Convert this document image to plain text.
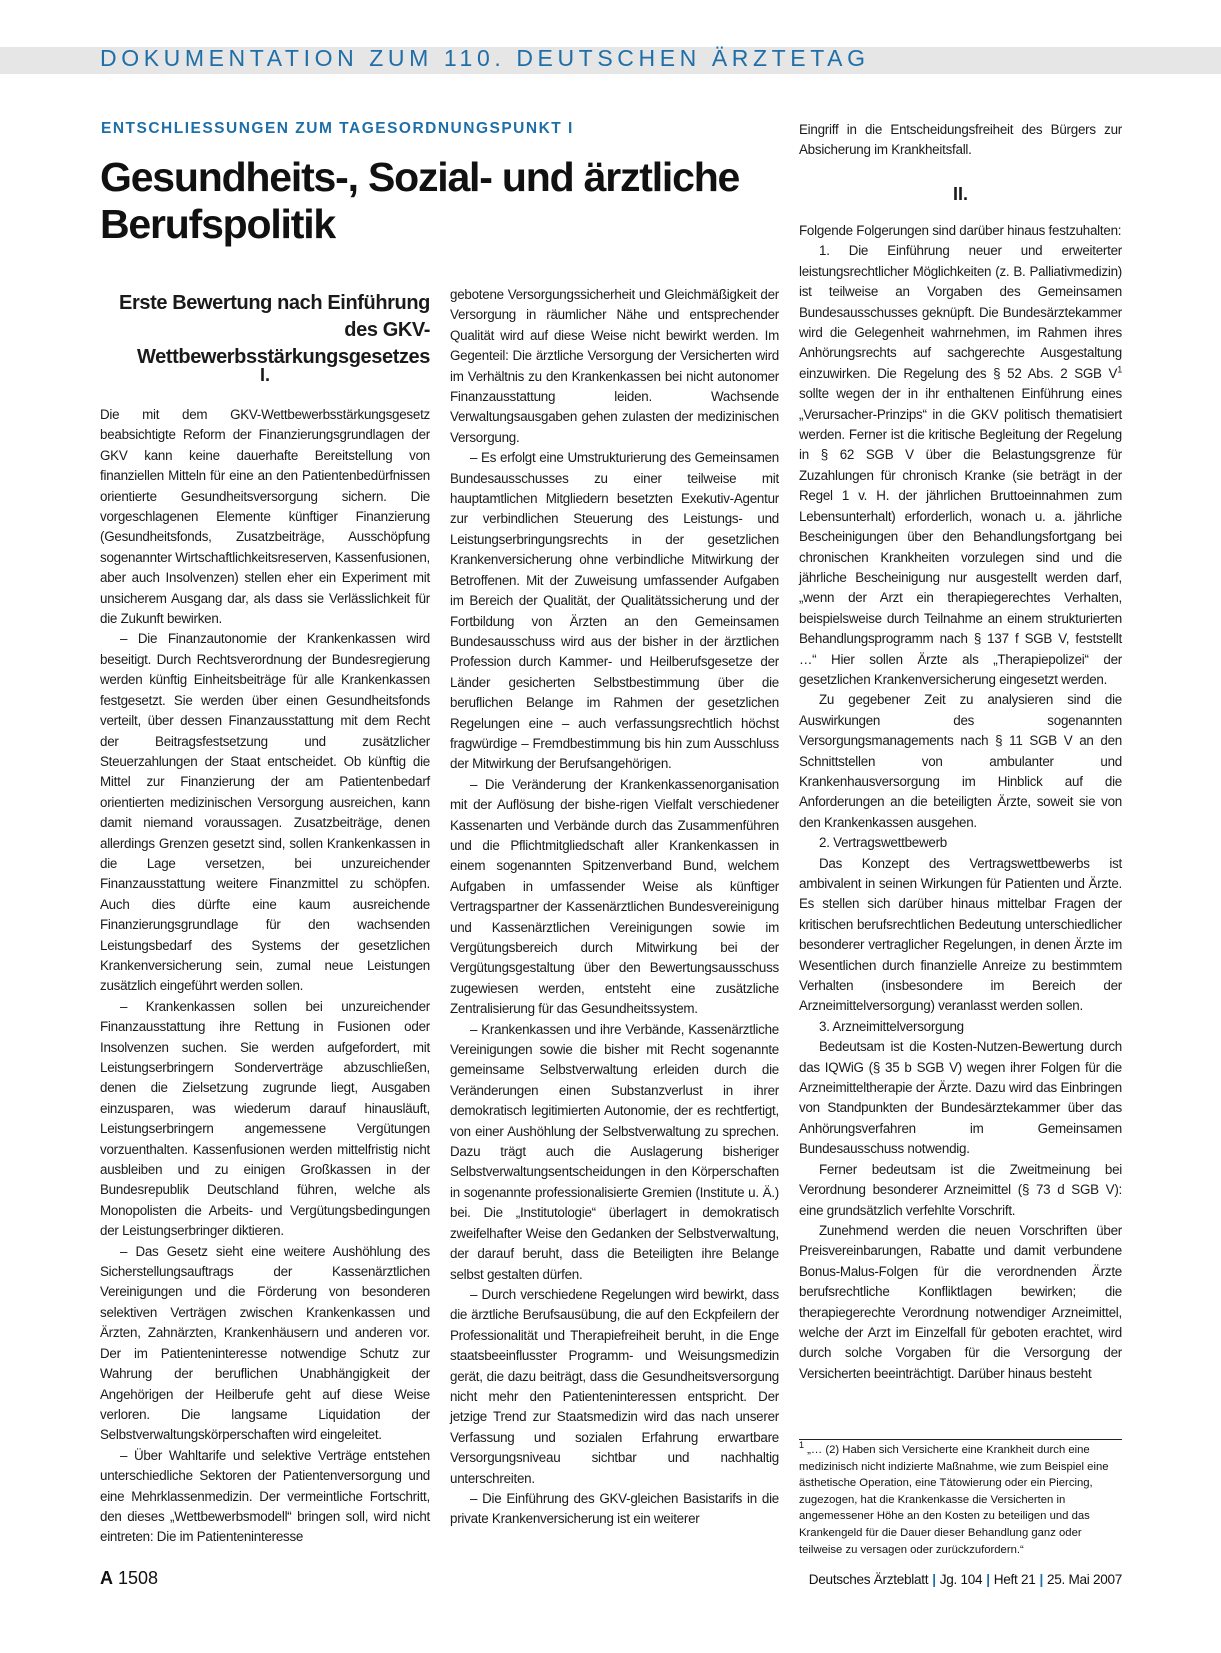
DOKUMENTATION ZUM 110. DEUTSCHEN ÄRZTETAG
ENTSCHLIESSUNGEN ZUM TAGESORDNUNGSPUNKT I
Gesundheits-, Sozial- und ärztliche Berufspolitik
Erste Bewertung nach Einführung des GKV-Wettbewerbsstärkungsgesetzes
I.

Die mit dem GKV-Wettbewerbsstärkungsgesetz beabsichtigte Reform der Finanzierungsgrundlagen der GKV kann keine dauerhafte Bereitstellung von finanziellen Mitteln für eine an den Patientenbedürfnissen orientierte Gesundheitsversorgung sichern. Die vorgeschlagenen Elemente künftiger Finanzierung (Gesundheitsfonds, Zusatzbeiträge, Ausschöpfung sogenannter Wirtschaftlichkeitsreserven, Kassenfusionen, aber auch Insolvenzen) stellen eher ein Experiment mit unsicherem Ausgang dar, als dass sie Verlässlichkeit für die Zukunft bewirken.

– Die Finanzautonomie der Krankenkassen wird beseitigt. Durch Rechtsverordnung der Bundesregierung werden künftig Einheitsbeiträge für alle Krankenkassen festgesetzt. Sie werden über einen Gesundheitsfonds verteilt, über dessen Finanzausstattung mit dem Recht der Beitragsfestsetzung und zusätzlicher Steuerzahlungen der Staat entscheidet. Ob künftig die Mittel zur Finanzierung der am Patientenbedarf orientierten medizinischen Versorgung ausreichen, kann damit niemand voraussagen. Zusatzbeiträge, denen allerdings Grenzen gesetzt sind, sollen Krankenkassen in die Lage versetzen, bei unzureichender Finanzausstattung weitere Finanzmittel zu schöpfen. Auch dies dürfte eine kaum ausreichende Finanzierungsgrundlage für den wachsenden Leistungsbedarf des Systems der gesetzlichen Krankenversicherung sein, zumal neue Leistungen zusätzlich eingeführt werden sollen.

– Krankenkassen sollen bei unzureichender Finanzausstattung ihre Rettung in Fusionen oder Insolvenzen suchen. Sie werden aufgefordert, mit Leistungserbringern Sonderverträge abzuschließen, denen die Zielsetzung zugrunde liegt, Ausgaben einzusparen, was wiederum darauf hinausläuft, Leistungserbringern angemessene Vergütungen vorzuenthalten. Kassenfusionen werden mittelfristig nicht ausbleiben und zu einigen Großkassen in der Bundesrepublik Deutschland führen, welche als Monopolisten die Arbeits- und Vergütungsbedingungen der Leistungserbringer diktieren.

– Das Gesetz sieht eine weitere Aushöhlung des Sicherstellungsauftrags der Kassenärztlichen Vereinigungen und die Förderung von besonderen selektiven Verträgen zwischen Krankenkassen und Ärzten, Zahnärzten, Krankenhäusern und anderen vor. Der im Patienteninteresse notwendige Schutz zur Wahrung der beruflichen Unabhängigkeit der Angehörigen der Heilberufe geht auf diese Weise verloren. Die langsame Liquidation der Selbstverwaltungskörperschaften wird eingeleitet.

– Über Wahltarife und selektive Verträge entstehen unterschiedliche Sektoren der Patientenversorgung und eine Mehrklassenmedizin. Der vermeintliche Fortschritt, den dieses „Wettbewerbsmodell“ bringen soll, wird nicht eintreten: Die im Patienteninteresse

gebotene Versorgungssicherheit und Gleichmäßigkeit der Versorgung in räumlicher Nähe und entsprechender Qualität wird auf diese Weise nicht bewirkt werden. Im Gegenteil: Die ärztliche Versorgung der Versicherten wird im Verhältnis zu den Krankenkassen bei nicht autonomer Finanzausstattung leiden. Wachsende Verwaltungsausgaben gehen zulasten der medizinischen Versorgung.

– Es erfolgt eine Umstrukturierung des Gemeinsamen Bundesausschusses zu einer teilweise mit hauptamtlichen Mitgliedern besetzten Exekutiv-Agentur zur verbindlichen Steuerung des Leistungs- und Leistungserbringungsrechts in der gesetzlichen Krankenversicherung ohne verbindliche Mitwirkung der Betroffenen. Mit der Zuweisung umfassender Aufgaben im Bereich der Qualität, der Qualitätssicherung und der Fortbildung von Ärzten an den Gemeinsamen Bundesausschuss wird aus der bisher in der ärztlichen Profession durch Kammer- und Heilberufsgesetze der Länder gesicherten Selbstbestimmung über die beruflichen Belange im Rahmen der gesetzlichen Regelungen eine – auch verfassungsrechtlich höchst fragwürdige – Fremdbestimmung bis hin zum Ausschluss der Mitwirkung der Berufsangehörigen.

– Die Veränderung der Krankenkassenorganisation mit der Auflösung der bishe-rigen Vielfalt verschiedener Kassenarten und Verbände durch das Zusammenführen und die Pflichtmitgliedschaft aller Krankenkassen in einem sogenannten Spitzenverband Bund, welchem Aufgaben in umfassender Weise als künftiger Vertragspartner der Kassenärztlichen Bundesvereinigung und Kassenärztlichen Vereinigungen sowie im Vergütungsbereich durch Mitwirkung bei der Vergütungsgestaltung über den Bewertungsausschuss zugewiesen werden, entsteht eine zusätzliche Zentralisierung für das Gesundheitssystem.

– Krankenkassen und ihre Verbände, Kassenärztliche Vereinigungen sowie die bisher mit Recht sogenannte gemeinsame Selbstverwaltung erleiden durch die Veränderungen einen Substanzverlust in ihrer demokratisch legitimierten Autonomie, der es rechtfertigt, von einer Aushöhlung der Selbstverwaltung zu sprechen. Dazu trägt auch die Auslagerung bisheriger Selbstverwaltungsentscheidungen in den Körperschaften in sogenannte professionalisierte Gremien (Institute u. Ä.) bei. Die „Institutologie“ überlagert in demokratisch zweifelhafter Weise den Gedanken der Selbstverwaltung, der darauf beruht, dass die Beteiligten ihre Belange selbst gestalten dürfen.

– Durch verschiedene Regelungen wird bewirkt, dass die ärztliche Berufsausübung, die auf den Eckpfeilern der Professionalität und Therapiefreiheit beruht, in die Enge staatsbeeinflusster Programm- und Weisungsmedizin gerät, die dazu beiträgt, dass die Gesundheitsversorgung nicht mehr den Patienteninteressen entspricht. Der jetzige Trend zur Staatsmedizin wird das nach unserer Verfassung und sozialen Erfahrung erwartbare Versorgungsniveau sichtbar und nachhaltig unterschreiten.

– Die Einführung des GKV-gleichen Basistarifs in die private Krankenversicherung ist ein weiterer

Eingriff in die Entscheidungsfreiheit des Bürgers zur Absicherung im Krankheitsfall.

II.

Folgende Folgerungen sind darüber hinaus festzuhalten:

1. Die Einführung neuer und erweiterter leistungsrechtlicher Möglichkeiten (z. B. Palliativmedizin) ist teilweise an Vorgaben des Gemeinsamen Bundesausschusses geknüpft. Die Bundesärztekammer wird die Gelegenheit wahrnehmen, im Rahmen ihres Anhörungsrechts auf sachgerechte Ausgestaltung einzuwirken. Die Regelung des § 52 Abs. 2 SGB $V^1$ sollte wegen der in ihr enthaltenen Einführung eines „Verursacher-Prinzips“ in die GKV politisch thematisiert werden. Ferner ist die kritische Begleitung der Regelung in § 62 SGB V über die Belastungsgrenze für Zuzahlungen für chronisch Kranke (sie beträgt in der Regel 1 v. H. der jährlichen Bruttoeinnahmen zum Lebensunterhalt) erforderlich, wonach u. a. jährliche Bescheinigungen über den Behandlungsfortgang bei chronischen Krankheiten vorzulegen sind und die jährliche Bescheinigung nur ausgestellt werden darf, „wenn der Arzt ein therapiegerechtes Verhalten, beispielsweise durch Teilnahme an einem strukturierten Behandlungsprogramm nach § 137 f SGB V, feststellt …“ Hier sollen Ärzte als „Therapiepolizei“ der gesetzlichen Krankenversicherung eingesetzt werden.

Zu gegebener Zeit zu analysieren sind die Auswirkungen des sogenannten Versorgungsmanagements nach § 11 SGB V an den Schnittstellen von ambulanter und Krankenhausversorgung im Hinblick auf die Anforderungen an die beteiligten Ärzte, soweit sie von den Krankenkassen ausgehen.

2. Vertragswettbewerb

Das Konzept des Vertragswettbewerbs ist ambivalent in seinen Wirkungen für Patienten und Ärzte. Es stellen sich darüber hinaus mittelbar Fragen der kritischen berufsrechtlichen Bedeutung unterschiedlicher besonderer vertraglicher Regelungen, in denen Ärzte im Wesentlichen durch finanzielle Anreize zu bestimmtem Verhalten (insbesondere im Bereich der Arzneimittelversorgung) veranlasst werden sollen.

3. Arzneimittelversorgung

Bedeutsam ist die Kosten-Nutzen-Bewertung durch das IQWiG (§ 35 b SGB V) wegen ihrer Folgen für die Arzneimitteltherapie der Ärzte. Dazu wird das Einbringen von Standpunkten der Bundesärztekammer über das Anhörungsverfahren im Gemeinsamen Bundesausschuss notwendig.

Ferner bedeutsam ist die Zweitmeinung bei Verordnung besonderer Arzneimittel (§ 73 d SGB V): eine grundsätzlich verfehlte Vorschrift.

Zunehmend werden die neuen Vorschriften über Preisvereinbarungen, Rabatte und damit verbundene Bonus-Malus-Folgen für die verordnenden Ärzte berufsrechtliche Konfliktlagen bewirken; die therapiegerechte Verordnung notwendiger Arzneimittel, welche der Arzt im Einzelfall für geboten erachtet, wird durch solche Vorgaben für die Versorgung der Versicherten beeinträchtigt. Darüber hinaus besteht

$^1$ „… (2) Haben sich Versicherte eine Krankheit durch eine medizinisch nicht indizierte Maßnahme, wie zum Beispiel eine ästhetische Operation, eine Tätowierung oder ein Piercing, zugezogen, hat die Krankenkasse die Versicherten in angemessener Höhe an den Kosten zu beteiligen und das Krankengeld für die Dauer dieser Behandlung ganz oder teilweise zu versagen oder zurückzufordern.“

A 1508	Deutsches Ärzteblatt | Jg. 104 | Heft 21 | 25. Mai 2007
